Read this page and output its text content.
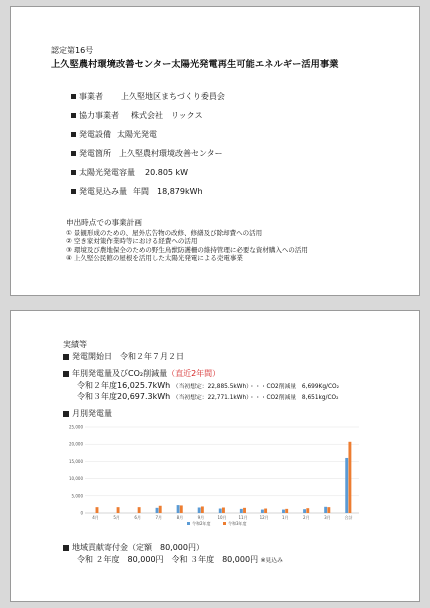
認定第16号
上久堅農村環境改善センター太陽光発電再生可能エネルギー活用事業
事業者 上久堅地区まちづくり委員会
協力事業者 株式会社　リックス
発電設備 太陽光発電
発電箇所 上久堅農村環境改善センター
太陽光発電容量 20.805 kW
発電見込み量 年間　18,879kWh
申出時点での事業計画
① 景観形成のための、屋外広告物の改修、修繕及び除却費への活用
② 空き家対策作業時等における経費への活用
③ 環境及び農地保全のための野生鳥獣防護柵の維持管理に必要な資材購入への活用
④ 上久堅公民館の屋根を活用した太陽光発電による売電事業
実績等
発電開始日　令和２年７月２日
年別発電量及びCO₂削減量 （直近2年間）
令和２年度16,025.7kWh （当初想定：22,885.5kWh）・・・CO2削減量　6,699Kg/CO₂
令和３年度20,697.3kWh （当初想定：22,771.1kWh）・・・CO2削減量　8,651kg/CO₂
月別発電量
0
5,000
10,000
15,000
20,000
25,000
4月	5月	6月	7月	8月	9月	10月	11月	12月	1月	2月	3月	合計
令和2年度	令和3年度
地域貢献寄付金（定額　80,000円）
令和 ２年度　80,000円　令和 ３年度　80,000円 ※見込み
